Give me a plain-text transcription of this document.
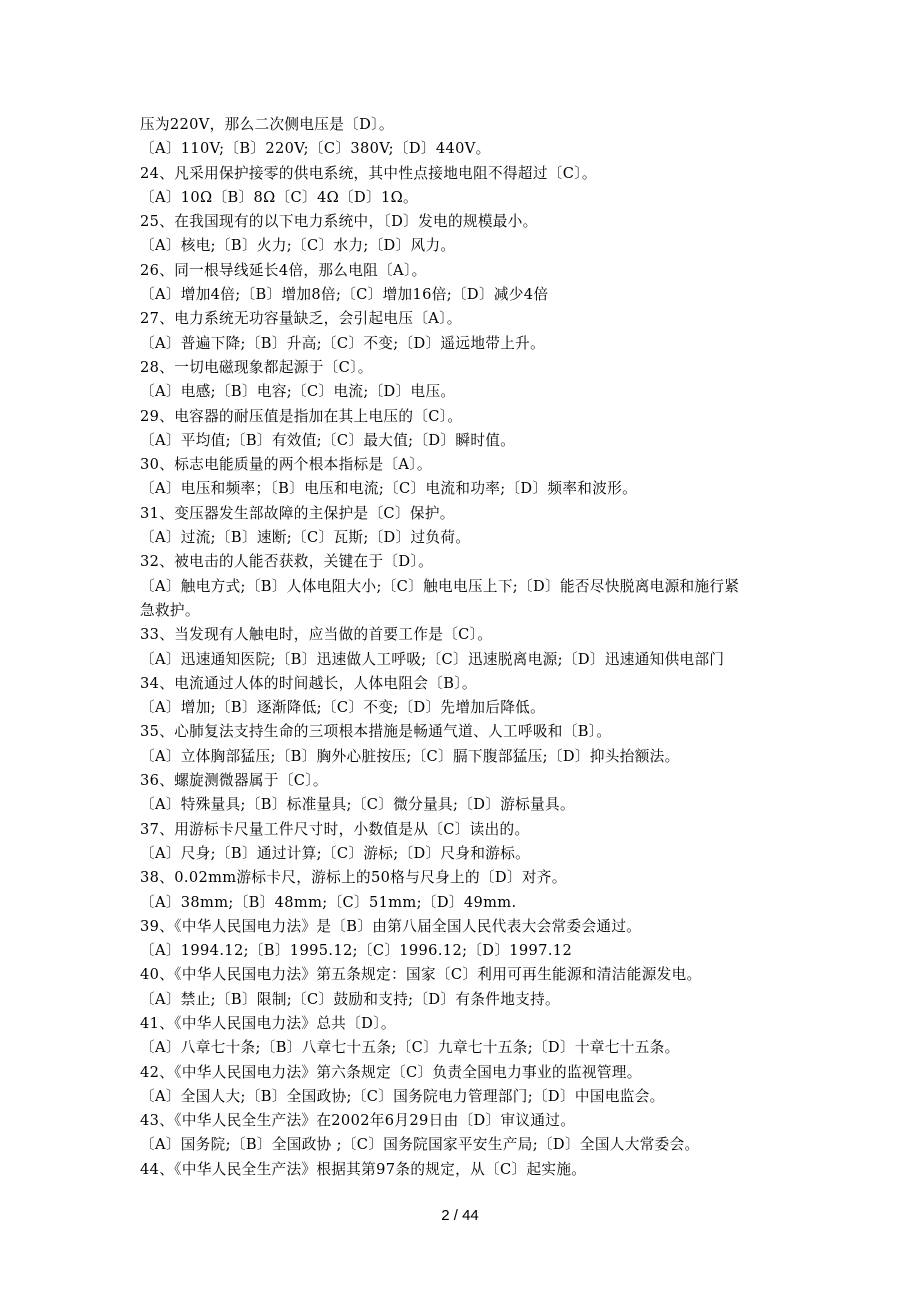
压为220V，那么二次侧电压是〔D〕。
〔A〕110V;〔B〕220V;〔C〕380V;〔D〕440V。
24、凡采用保护接零的供电系统，其中性点接地电阻不得超过〔C〕。
〔A〕10Ω〔B〕8Ω〔C〕4Ω〔D〕1Ω。
25、在我国现有的以下电力系统中，〔D〕发电的规模最小。
〔A〕核电;〔B〕火力;〔C〕水力;〔D〕风力。
26、同一根导线延长4倍，那么电阻〔A〕。
〔A〕增加4倍;〔B〕增加8倍;〔C〕增加16倍;〔D〕减少4倍
27、电力系统无功容量缺乏，会引起电压〔A〕。
〔A〕普遍下降;〔B〕升高;〔C〕不变;〔D〕遥远地带上升。
28、一切电磁现象都起源于〔C〕。
〔A〕电感;〔B〕电容;〔C〕电流;〔D〕电压。
29、电容器的耐压值是指加在其上电压的〔C〕。
〔A〕平均值;〔B〕有效值;〔C〕最大值;〔D〕瞬时值。
30、标志电能质量的两个根本指标是〔A〕。
〔A〕电压和频率；〔B〕电压和电流;〔C〕电流和功率;〔D〕频率和波形。
31、变压器发生部故障的主保护是〔C〕保护。
〔A〕过流;〔B〕速断;〔C〕瓦斯;〔D〕过负荷。
32、被电击的人能否获救，关键在于〔D〕。
〔A〕触电方式;〔B〕人体电阻大小;〔C〕触电电压上下;〔D〕能否尽快脱离电源和施行紧
急救护。
33、当发现有人触电时，应当做的首要工作是〔C〕。
〔A〕迅速通知医院;〔B〕迅速做人工呼吸;〔C〕迅速脱离电源;〔D〕迅速通知供电部门
34、电流通过人体的时间越长，人体电阻会〔B〕。
〔A〕增加;〔B〕逐渐降低;〔C〕不变;〔D〕先增加后降低。
35、心肺复法支持生命的三项根本措施是畅通气道、人工呼吸和〔B〕。
〔A〕立体胸部猛压;〔B〕胸外心脏按压;〔C〕膈下腹部猛压;〔D〕抑头抬额法。
36、螺旋测微器属于〔C〕。
〔A〕特殊量具;〔B〕标准量具;〔C〕微分量具;〔D〕游标量具。
37、用游标卡尺量工件尺寸时，小数值是从〔C〕读出的。
〔A〕尺身;〔B〕通过计算;〔C〕游标;〔D〕尺身和游标。
38、0.02mm游标卡尺，游标上的50格与尺身上的〔D〕对齐。
〔A〕38mm;〔B〕48mm;〔C〕51mm;〔D〕49mm.
39、《中华人民国电力法》是〔B〕由第八届全国人民代表大会常委会通过。
〔A〕1994.12;〔B〕1995.12;〔C〕1996.12;〔D〕1997.12
40、《中华人民国电力法》第五条规定：国家〔C〕利用可再生能源和清洁能源发电。
〔A〕禁止;〔B〕限制;〔C〕鼓励和支持;〔D〕有条件地支持。
41、《中华人民国电力法》总共〔D〕。
〔A〕八章七十条;〔B〕八章七十五条;〔C〕九章七十五条;〔D〕十章七十五条。
42、《中华人民国电力法》第六条规定〔C〕负责全国电力事业的监视管理。
〔A〕全国人大;〔B〕全国政协;〔C〕国务院电力管理部门;〔D〕中国电监会。
43、《中华人民全生产法》在2002年6月29日由〔D〕审议通过。
〔A〕国务院;〔B〕全国政协 ;〔C〕国务院国家平安生产局;〔D〕全国人大常委会。
44、《中华人民全生产法》根据其第97条的规定，从〔C〕起实施。
2 / 44
